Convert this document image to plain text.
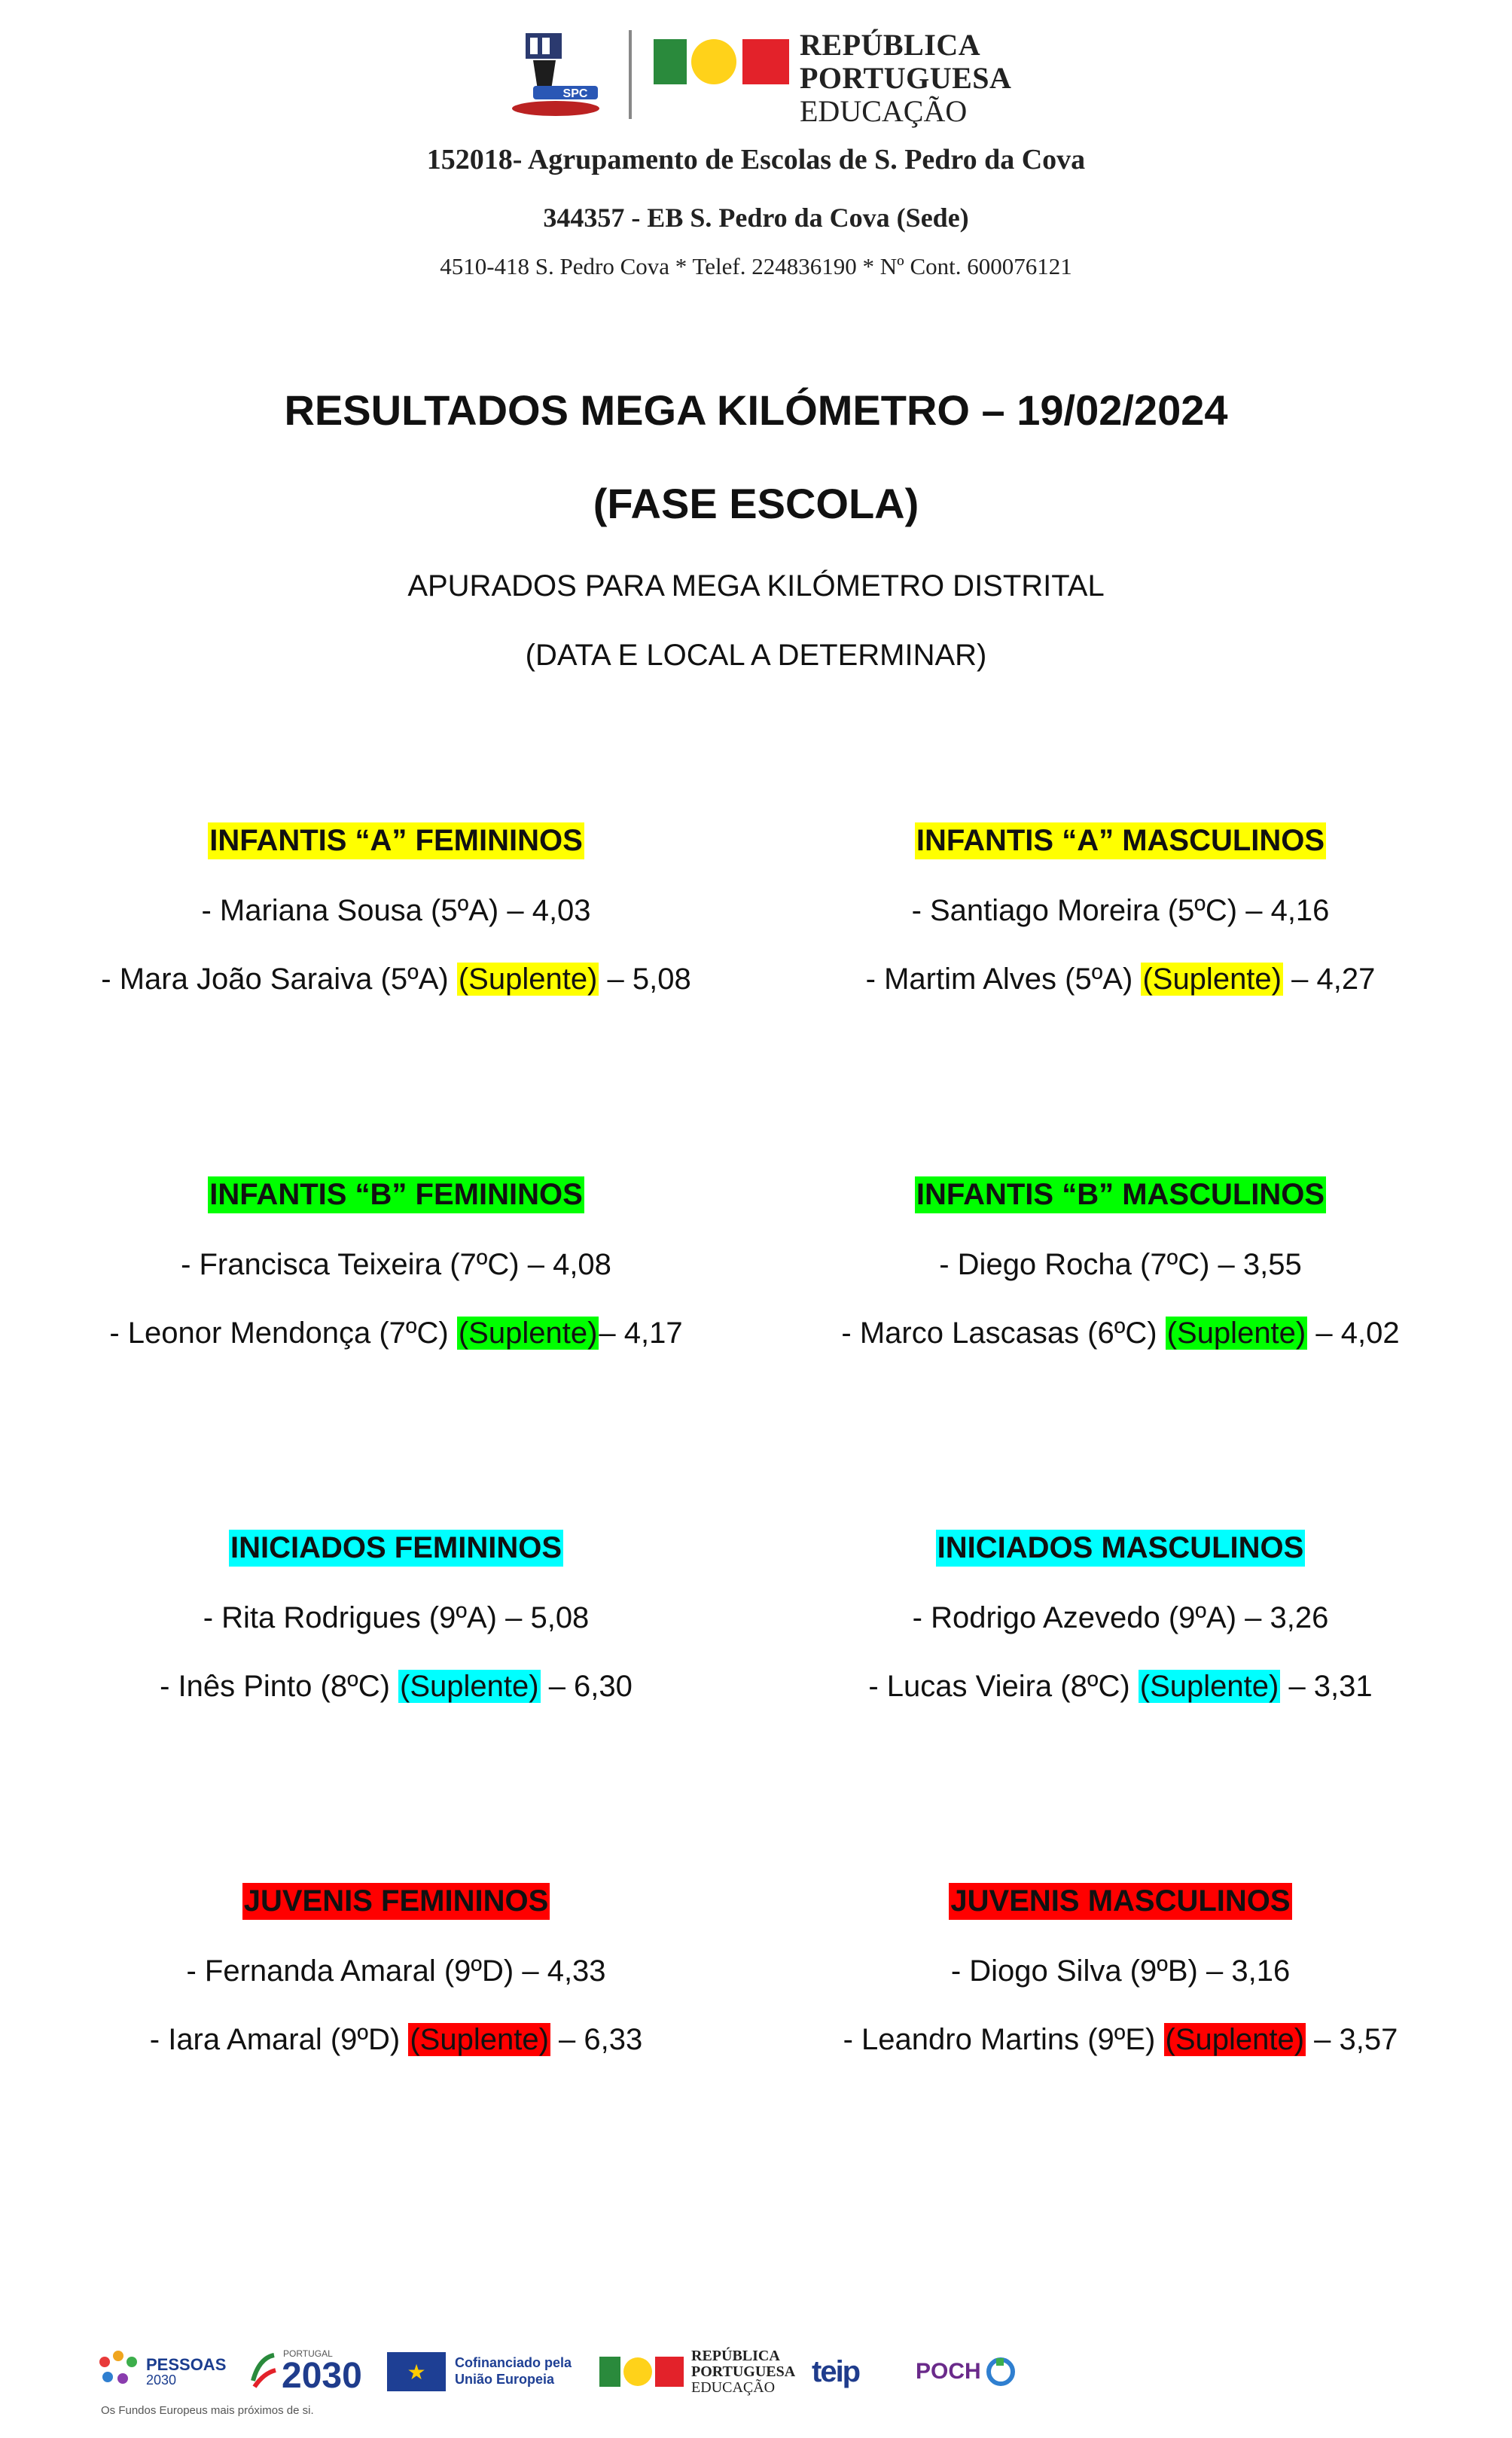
SPC
REPÚBLICA
PORTUGUESA
EDUCAÇÃO
152018- Agrupamento de Escolas de S. Pedro da Cova
344357 - EB S. Pedro da Cova (Sede)
4510-418 S. Pedro Cova * Telef. 224836190 * Nº Cont. 600076121
RESULTADOS MEGA KILÓMETRO – 19/02/2024
(FASE ESCOLA)
APURADOS PARA MEGA KILÓMETRO DISTRITAL
(DATA E LOCAL A DETERMINAR)
INFANTIS “A” FEMININOS
- Mariana Sousa (5ºA) – 4,03
- Mara João Saraiva (5ºA) (Suplente) – 5,08
INFANTIS “A” MASCULINOS
- Santiago Moreira (5ºC) – 4,16
- Martim Alves (5ºA) (Suplente) – 4,27
INFANTIS “B” FEMININOS
- Francisca Teixeira (7ºC) – 4,08
- Leonor Mendonça (7ºC) (Suplente)– 4,17
INFANTIS “B” MASCULINOS
- Diego Rocha (7ºC) – 3,55
- Marco Lascasas (6ºC) (Suplente) – 4,02
INICIADOS FEMININOS
- Rita Rodrigues (9ºA) – 5,08
- Inês Pinto (8ºC) (Suplente) – 6,30
INICIADOS MASCULINOS
- Rodrigo Azevedo (9ºA) – 3,26
- Lucas Vieira (8ºC) (Suplente) – 3,31
JUVENIS FEMININOS
- Fernanda Amaral (9ºD) – 4,33
- Iara Amaral (9ºD) (Suplente) – 6,33
JUVENIS MASCULINOS
- Diogo Silva (9ºB) – 3,16
- Leandro Martins (9ºE) (Suplente) – 3,57
PESSOAS
2030
Os Fundos Europeus mais próximos de si.
PORTUGAL
2030	★	Cofinanciado pela
União Europeia
REPÚBLICA
PORTUGUESA
EDUCAÇÃO	teip POCH
